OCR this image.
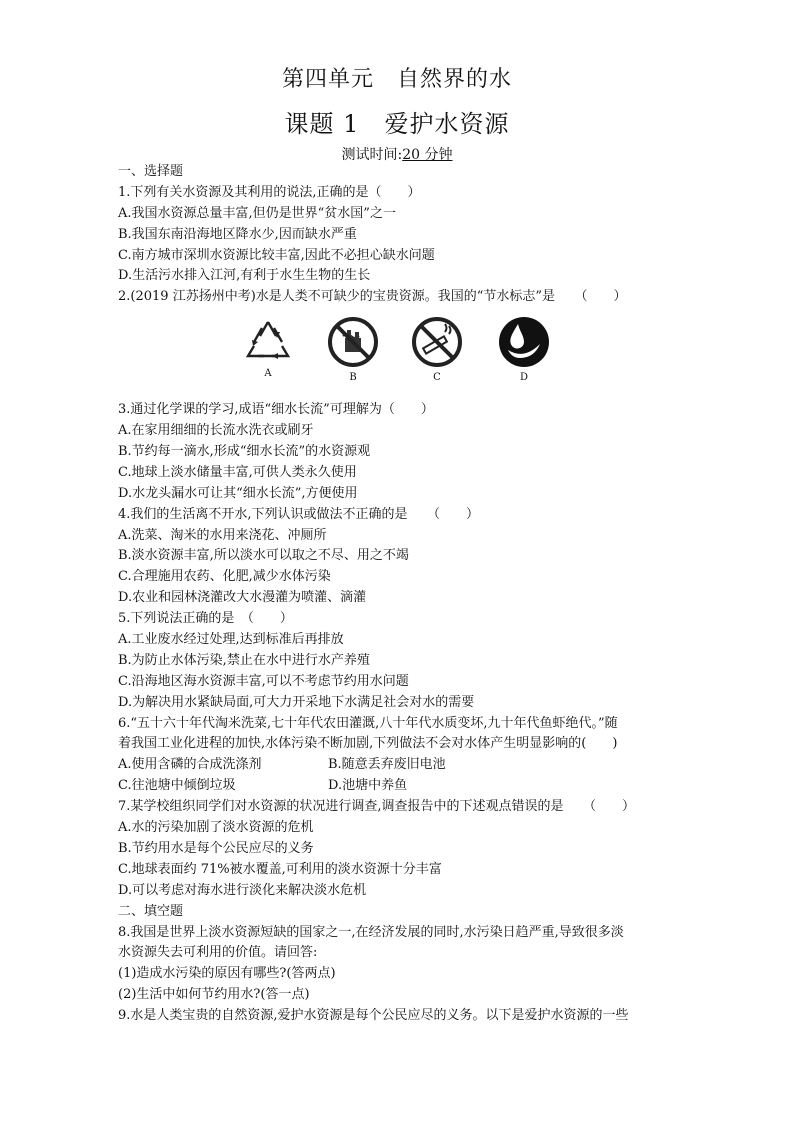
第四单元　自然界的水
课题 1　爱护水资源
测试时间:20 分钟
一、选择题
1.下列有关水资源及其利用的说法,正确的是（　　）
A.我国水资源总量丰富,但仍是世界“贫水国”之一
B.我国东南沿海地区降水少,因而缺水严重
C.南方城市深圳水资源比较丰富,因此不必担心缺水问题
D.生活污水排入江河,有利于水生生物的生长
2.(2019 江苏扬州中考)水是人类不可缺少的宝贵资源。我国的“节水标志”是　　（　　）
A	B	C	D
3.通过化学课的学习,成语“细水长流”可理解为（　　）
A.在家用细细的长流水洗衣或刷牙
B.节约每一滴水,形成“细水长流”的水资源观
C.地球上淡水储量丰富,可供人类永久使用
D.水龙头漏水可让其“细水长流”,方便使用
4.我们的生活离不开水,下列认识或做法不正确的是　　（　　）
A.洗菜、淘米的水用来浇花、冲厕所
B.淡水资源丰富,所以淡水可以取之不尽、用之不竭
C.合理施用农药、化肥,减少水体污染
D.农业和园林浇灌改大水漫灌为喷灌、滴灌
5.下列说法正确的是　（　　）
A.工业废水经过处理,达到标准后再排放
B.为防止水体污染,禁止在水中进行水产养殖
C.沿海地区海水资源丰富,可以不考虑节约用水问题
D.为解决用水紧缺局面,可大力开采地下水满足社会对水的需要
6.“五十六十年代淘米洗菜,七十年代农田灌溉,八十年代水质变坏,九十年代鱼虾绝代。”随
着我国工业化进程的加快,水体污染不断加剧,下列做法不会对水体产生明显影响的(　　)
A.使用含磷的合成洗涤剂	B.随意丢弃废旧电池
C.往池塘中倾倒垃圾	D.池塘中养鱼
7.某学校组织同学们对水资源的状况进行调查,调查报告中的下述观点错误的是　　（　　）
A.水的污染加剧了淡水资源的危机
B.节约用水是每个公民应尽的义务
C.地球表面约 71%被水覆盖,可利用的淡水资源十分丰富
D.可以考虑对海水进行淡化来解决淡水危机
二、填空题
8.我国是世界上淡水资源短缺的国家之一,在经济发展的同时,水污染日趋严重,导致很多淡
水资源失去可利用的价值。请回答:
(1)造成水污染的原因有哪些?(答两点)
(2)生活中如何节约用水?(答一点)
9.水是人类宝贵的自然资源,爱护水资源是每个公民应尽的义务。以下是爱护水资源的一些
